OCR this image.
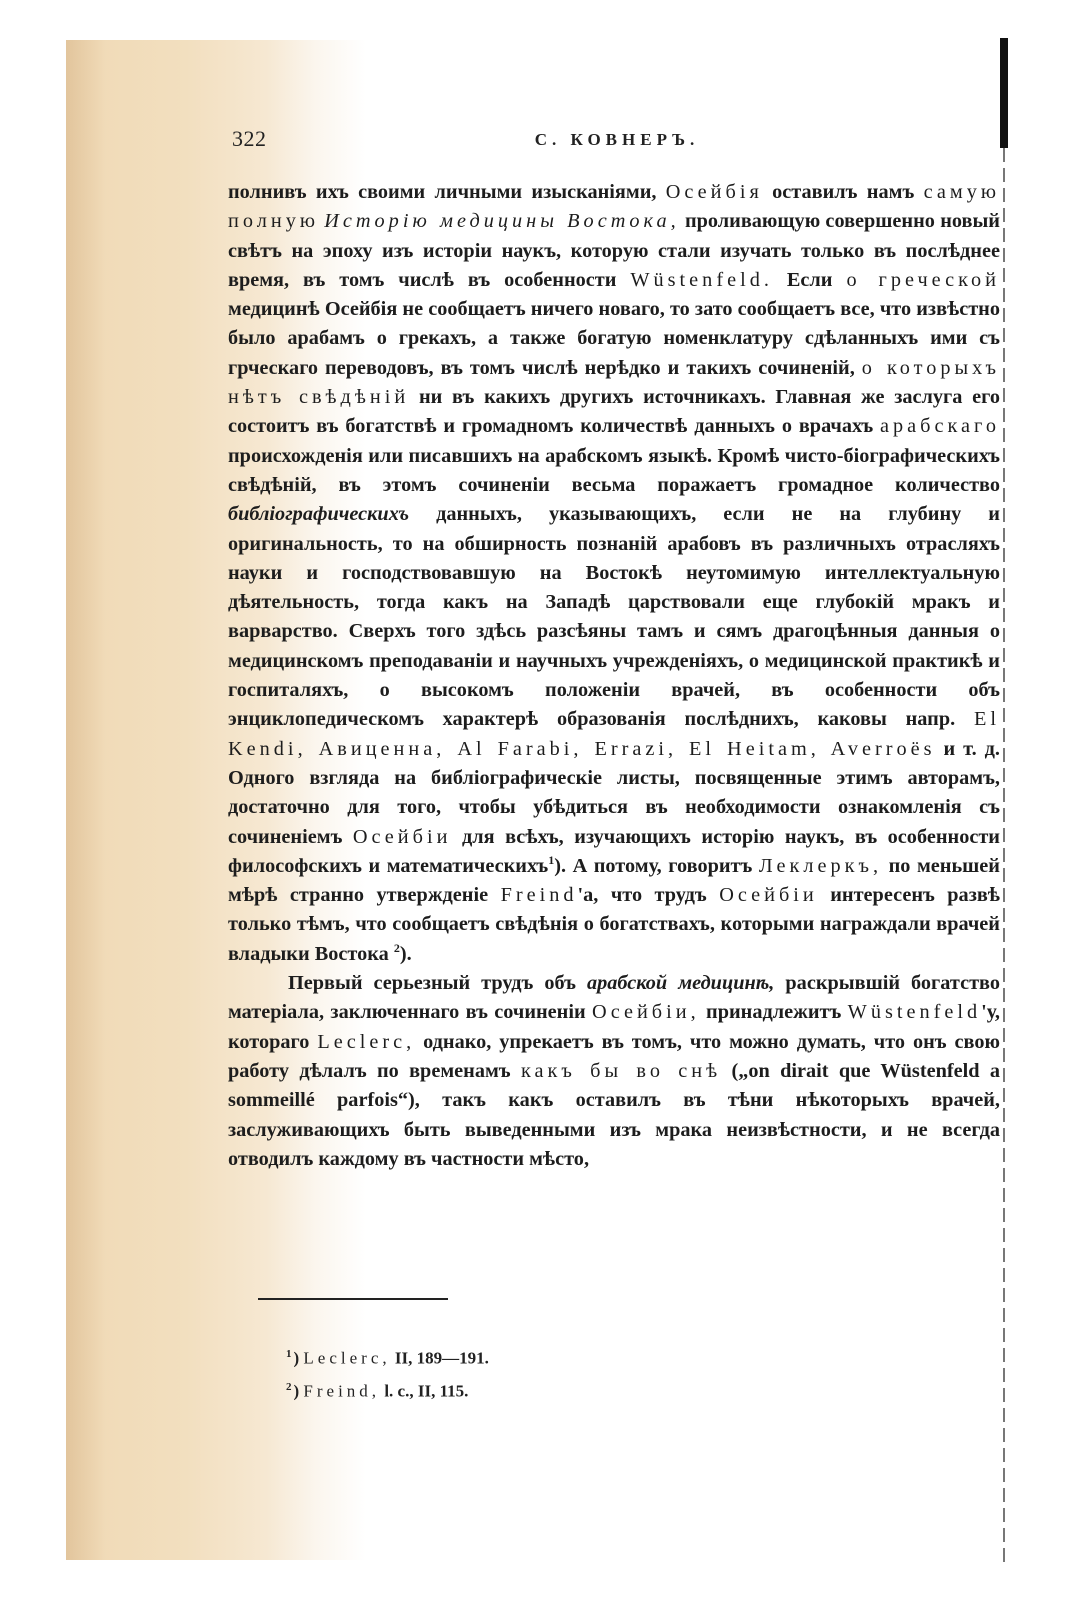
322	С. КОВНЕРЪ.

полнивъ ихъ своими личными изысканіями, Осейбія оставилъ намъ самую полную Исторію медицины Востока, проливающую совершенно новый свѣтъ на эпоху изъ исторіи наукъ, которую стали изучать только въ послѣднее время, въ томъ числѣ въ особенности Wüstenfeld. Если о греческой медицинѣ Осейбія не сообщаетъ ничего новаго, то зато сообщаетъ все, что извѣстно было арабамъ о грекахъ, а также богатую номенклатуру сдѣланныхъ ими съ грческаго переводовъ, въ томъ числѣ нерѣдко и такихъ сочиненій, о которыхъ нѣтъ свѣдѣній ни въ какихъ другихъ источникахъ. Главная же заслуга его состоитъ въ богатствѣ и громадномъ количествѣ данныхъ о врачахъ арабскаго происхожденія или писавшихъ на арабскомъ языкѣ. Кромѣ чисто-біографическихъ свѣдѣній, въ этомъ сочиненіи весьма поражаетъ громадное количество библіографическихъ данныхъ, указывающихъ, если не на глубину и оригинальность, то на обширность познаній арабовъ въ различныхъ отрасляхъ науки и господствовавшую на Востокѣ неутомимую интеллектуальную дѣятельность, тогда какъ на Западѣ царствовали еще глубокій мракъ и варварство. Сверхъ того здѣсь разсѣяны тамъ и сямъ драгоцѣнныя данныя о медицинскомъ преподаваніи и научныхъ учрежденіяхъ, о медицинской практикѣ и госпиталяхъ, о высокомъ положеніи врачей, въ особенности объ энциклопедическомъ характерѣ образованія послѣднихъ, каковы напр. El Kendi, Авиценна, Al Farabi, Errazi, El Heitam, Averroës и т. д. Одного взгляда на библіографическіе листы, посвященные этимъ авторамъ, достаточно для того, чтобы убѣдиться въ необходимости ознакомленія съ сочиненіемъ Осейбіи для всѣхъ, изучающихъ исторію наукъ, въ особенности философскихъ и математическихъ$^1$). А потому, говоритъ Леклеркъ, по меньшей мѣрѣ странно утвержденіе Freind'а, что трудъ Осейбіи интересенъ развѣ только тѣмъ, что сообщаетъ свѣдѣнія о богатствахъ, которыми награждали врачей владыки Востока $^2$).

Первый серьезный трудъ объ арабской медицинѣ, раскрывшій богатство матеріала, заключеннаго въ сочиненіи Осейбіи, принадлежитъ Wüstenfeld'у, котораго Leclerc, однако, упрекаетъ въ томъ, что можно думать, что онъ свою работу дѣлалъ по временамъ какъ бы во снѣ („on dirait que Wüstenfeld a sommeillé parfois“), такъ какъ оставилъ въ тѣни нѣкоторыхъ врачей, заслуживающихъ быть выведенными изъ мрака неизвѣстности, и не всегда отводилъ каждому въ частности мѣсто,

$^1$ ) Leclerc, II, 189—191.
$^2$ ) Freind, l. c., II, 115.
